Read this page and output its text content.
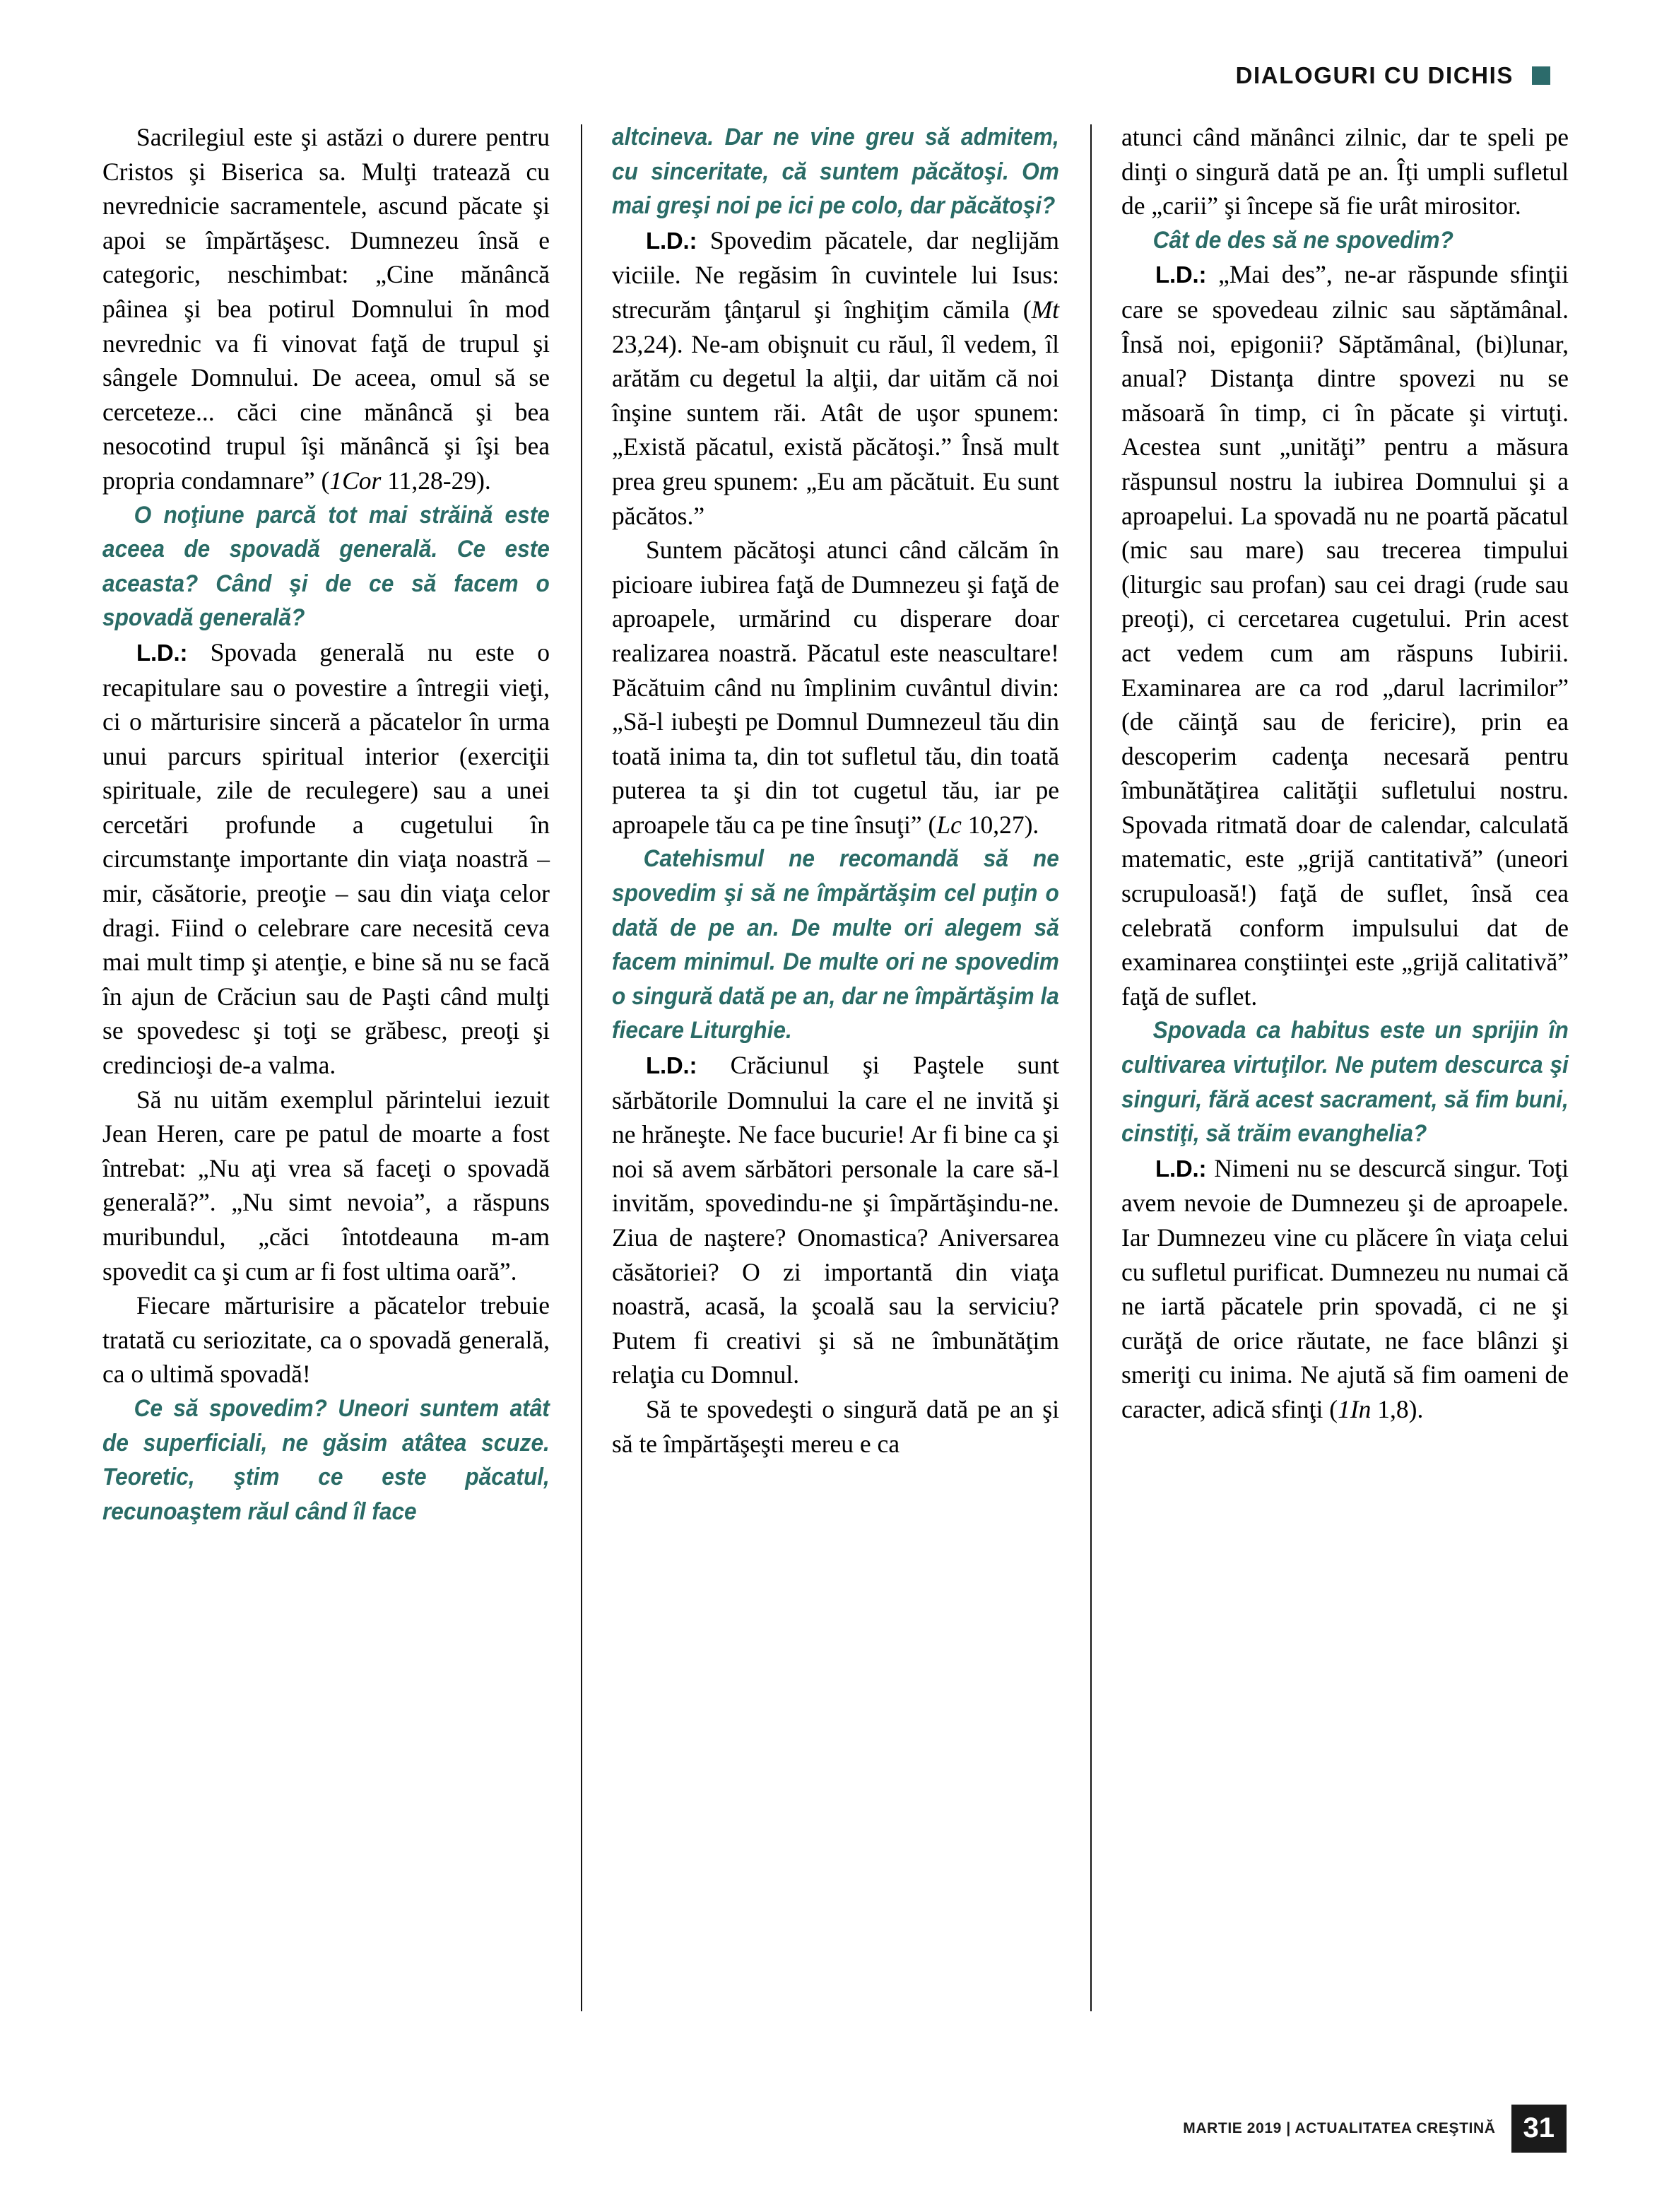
DIALOGURI CU DICHIS

Sacrilegiul este şi astăzi o durere pentru Cristos şi Biserica sa. Mulţi tratează cu nevrednicie sacramentele, ascund păcate şi apoi se împărtăşesc. Dumnezeu însă e categoric, neschimbat: „Cine mănâncă pâinea şi bea potirul Domnului în mod nevrednic va fi vinovat faţă de trupul şi sângele Domnului. De aceea, omul să se cerceteze... căci cine mănâncă şi bea nesocotind trupul îşi mănâncă şi îşi bea propria condamnare” (1Cor 11,28-29).

O noţiune parcă tot mai străină este aceea de spovadă generală. Ce este aceasta? Când şi de ce să facem o spovadă generală?

L.D.: Spovada generală nu este o recapitulare sau o povestire a întregii vieţi, ci o mărturisire sinceră a păcatelor în urma unui parcurs spiritual interior (exerciţii spirituale, zile de reculegere) sau a unei cercetări profunde a cugetului în circumstanţe importante din viaţa noastră – mir, căsătorie, preoţie – sau din viaţa celor dragi. Fiind o celebrare care necesită ceva mai mult timp şi atenţie, e bine să nu se facă în ajun de Crăciun sau de Paşti când mulţi se spovedesc şi toţi se grăbesc, preoţi şi credincioşi de-a valma.

Să nu uităm exemplul părintelui iezuit Jean Heren, care pe patul de moarte a fost întrebat: „Nu aţi vrea să faceţi o spovadă generală?”. „Nu simt nevoia”, a răspuns muribundul, „căci întotdeauna m-am spovedit ca şi cum ar fi fost ultima oară”.

Fiecare mărturisire a păcatelor trebuie tratată cu seriozitate, ca o spovadă generală, ca o ultimă spovadă!

Ce să spovedim? Uneori suntem atât de superficiali, ne găsim atâtea scuze. Teoretic, ştim ce este păcatul, recunoaştem răul când îl face

altcineva. Dar ne vine greu să admitem, cu sinceritate, că suntem păcătoşi. Om mai greşi noi pe ici pe colo, dar păcătoşi?

L.D.: Spovedim păcatele, dar neglijăm viciile. Ne regăsim în cuvintele lui Isus: strecurăm ţânţarul şi înghiţim cămila (Mt 23,24). Ne-am obişnuit cu răul, îl vedem, îl arătăm cu degetul la alţii, dar uităm că noi înşine suntem răi. Atât de uşor spunem: „Există păcatul, există păcătoşi.” Însă mult prea greu spunem: „Eu am păcătuit. Eu sunt păcătos.”

Suntem păcătoşi atunci când călcăm în picioare iubirea faţă de Dumnezeu şi faţă de aproapele, urmărind cu disperare doar realizarea noastră. Păcatul este neascultare! Păcătuim când nu împlinim cuvântul divin: „Să-l iubeşti pe Domnul Dumnezeul tău din toată inima ta, din tot sufletul tău, din toată puterea ta şi din tot cugetul tău, iar pe aproapele tău ca pe tine însuţi” (Lc 10,27).

Catehismul ne recomandă să ne spovedim şi să ne împărtăşim cel puţin o dată de pe an. De multe ori alegem să facem minimul. De multe ori ne spovedim o singură dată pe an, dar ne împărtăşim la fiecare Liturghie.

L.D.: Crăciunul şi Paştele sunt sărbătorile Domnului la care el ne invită şi ne hrăneşte. Ne face bucurie! Ar fi bine ca şi noi să avem sărbători personale la care să-l invităm, spovedindu-ne şi împărtăşindu-ne. Ziua de naştere? Onomastica? Aniversarea căsătoriei? O zi importantă din viaţa noastră, acasă, la şcoală sau la serviciu? Putem fi creativi şi să ne îmbunătăţim relaţia cu Domnul.

Să te spovedeşti o singură dată pe an şi să te împărtăşeşti mereu e ca

atunci când mănânci zilnic, dar te speli pe dinţi o singură dată pe an. Îţi umpli sufletul de „carii” şi începe să fie urât mirositor.

Cât de des să ne spovedim?

L.D.: „Mai des”, ne-ar răspunde sfinţii care se spovedeau zilnic sau săptămânal. Însă noi, epigonii? Săptămânal, (bi)lunar, anual? Distanţa dintre spovezi nu se măsoară în timp, ci în păcate şi virtuţi. Acestea sunt „unităţi” pentru a măsura răspunsul nostru la iubirea Domnului şi a aproapelui. La spovadă nu ne poartă păcatul (mic sau mare) sau trecerea timpului (liturgic sau profan) sau cei dragi (rude sau preoţi), ci cercetarea cugetului. Prin acest act vedem cum am răspuns Iubirii. Examinarea are ca rod „darul lacrimilor” (de căinţă sau de fericire), prin ea descoperim cadenţa necesară pentru îmbunătăţirea calităţii sufletului nostru. Spovada ritmată doar de calendar, calculată matematic, este „grijă cantitativă” (uneori scrupuloasă!) faţă de suflet, însă cea celebrată conform impulsului dat de examinarea conştiinţei este „grijă calitativă” faţă de suflet.

Spovada ca habitus este un sprijin în cultivarea virtuţilor. Ne putem descurca şi singuri, fără acest sacrament, să fim buni, cinstiţi, să trăim evanghelia?

L.D.: Nimeni nu se descurcă singur. Toţi avem nevoie de Dumnezeu şi de aproapele. Iar Dumnezeu vine cu plăcere în viaţa celui cu sufletul purificat. Dumnezeu nu numai că ne iartă păcatele prin spovadă, ci ne şi curăţă de orice răutate, ne face blânzi şi smeriţi cu inima. Ne ajută să fim oameni de caracter, adică sfinţi (1In 1,8).

MARTIE 2019 | ACTUALITATEA CREŞTINĂ 31
